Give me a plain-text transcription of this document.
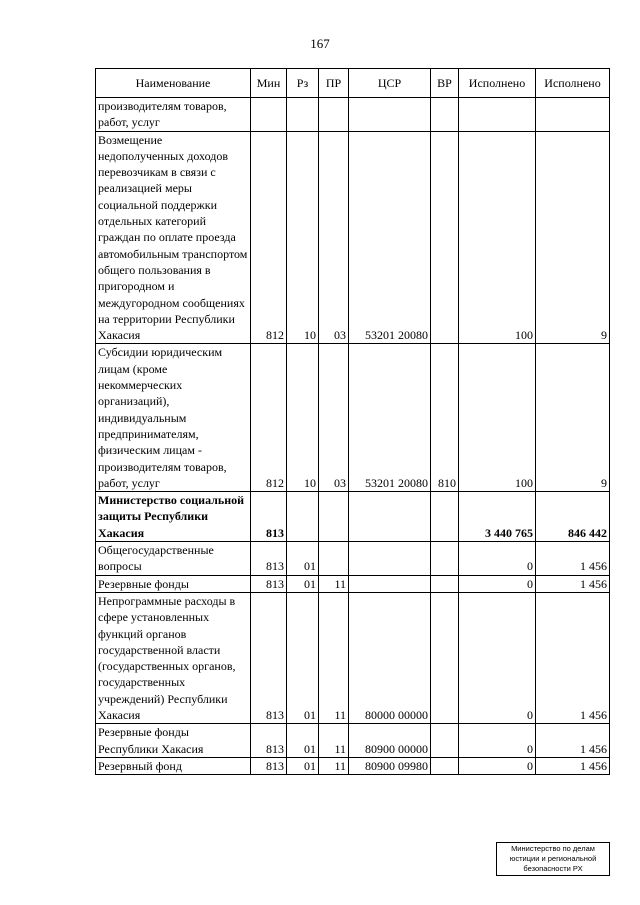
167
Наименование	Мин	Рз	ПР	ЦСР	ВР	Исполнено	Исполнено
производителям товаров, работ, услуг							
Возмещение недополученных доходов перевозчикам в связи с реализацией меры социальной поддержки отдельных категорий граждан по оплате проезда автомобильным транспортом общего пользования в пригородном и междугородном сообщениях на территории Республики Хакасия	812	10	03	53201 20080		100	9
Субсидии юридическим лицам (кроме некоммерческих организаций), индивидуальным предпринимателям, физическим лицам - производителям товаров, работ, услуг	812	10	03	53201 20080	810	100	9
Министерство социальной защиты Республики Хакасия	813					3 440 765	846 442
Общегосударственные вопросы	813	01				0	1 456
Резервные фонды	813	01	11			0	1 456
Непрограммные расходы в сфере установленных функций органов государственной власти (государственных органов, государственных учреждений) Республики Хакасия	813	01	11	80000 00000		0	1 456
Резервные фонды Республики Хакасия	813	01	11	80900 00000		0	1 456
Резервный фонд	813	01	11	80900 09980		0	1 456
Министерство по делам
юстиции и региональной
безопасности РХ
